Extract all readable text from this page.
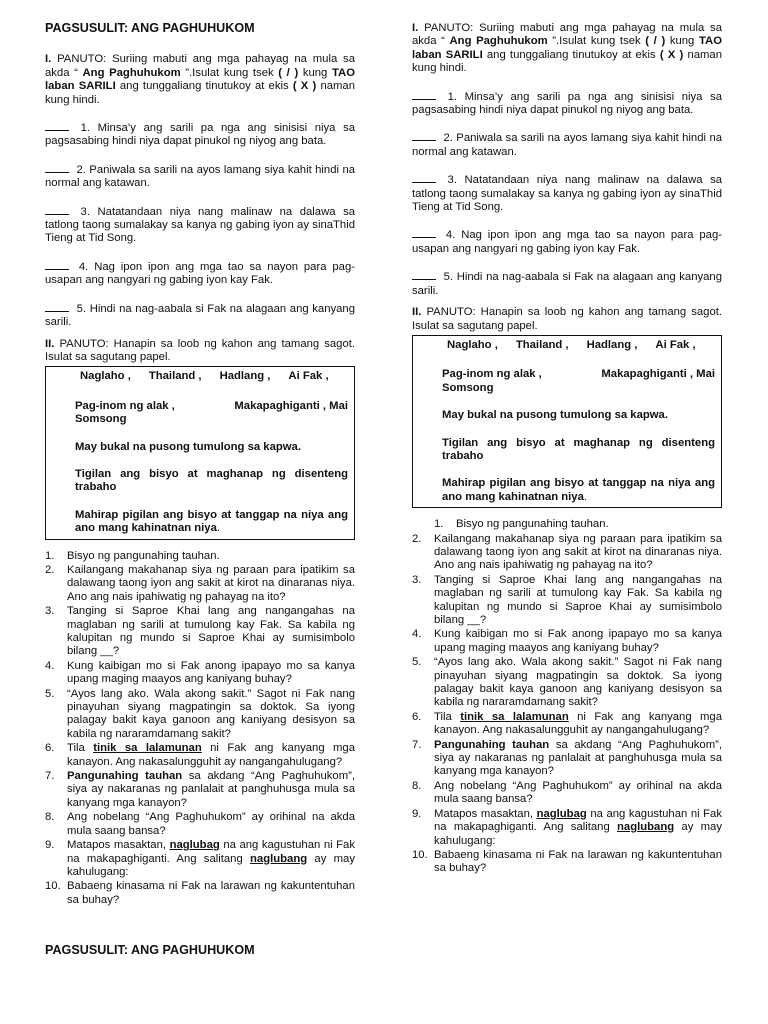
PAGSUSULIT: ANG PAGHUHUKOM

I. PANUTO: Suriing mabuti ang mga pahayag na mula sa akda “ Ang Paghuhukom ”.Isulat kung tsek ( / ) kung TAO laban SARILI ang tunggaliang tinutukoy at ekis ( X ) naman kung hindi.

1. Minsa’y ang sarili pa nga ang sinisisi niya sa pagsasabing hindi niya dapat pinukol ng niyog ang bata.

2. Paniwala sa sarili na ayos lamang siya kahit hindi na normal ang katawan.

3. Natatandaan niya nang malinaw na dalawa sa tatlong taong sumalakay sa kanya ng gabing iyon ay sinaThid Tieng at Tid Song.

4. Nag ipon ipon ang mga tao sa nayon para pag-usapan ang nangyari ng gabing iyon kay Fak.

5. Hindi na nag-aabala si Fak na alagaan ang kanyang sarili.

II. PANUTO: Hanapin sa loob ng kahon ang tamang sagot. Isulat sa sagutang papel.

Naglaho , Thailand , Hadlang , Ai Fak ,
Pag-inom ng alak ,	Makapaghiganti , Mai
Somsong
May bukal na pusong tumulong sa kapwa.
Tigilan ang bisyo at maghanap ng disenteng trabaho
Mahirap pigilan ang bisyo at tanggap na niya ang ano mang kahinatnan niya.
1.	Bisyo ng pangunahing tauhan.
2.	Kailangang makahanap siya ng paraan para ipatikim sa dalawang taong iyon ang sakit at kirot na dinaranas niya. Ano ang nais ipahiwatig ng pahayag na ito?
3.	Tanging si Saproe Khai lang ang nangangahas na maglaban ng sarili at tumulong kay Fak. Sa kabila ng kalupitan ng mundo si Saproe Khai ay sumisimbolo bilang __?
4.	Kung kaibigan mo si Fak anong ipapayo mo sa kanya upang maging maayos ang kaniyang buhay?
5.	“Ayos lang ako. Wala akong sakit.” Sagot ni Fak nang pinayuhan siyang magpatingin sa doktok. Sa iyong palagay bakit kaya ganoon ang kaniyang desisyon sa kabila ng nararamdamang sakit?
6.	Tila tinik sa lalamunan ni Fak ang kanyang mga kanayon. Ang nakasalungguhit ay nangangahulugang?
7.	Pangunahing tauhan sa akdang “Ang Paghuhukom”, siya ay nakaranas ng panlalait at panghuhusga mula sa kanyang mga kanayon?
8.	Ang nobelang “Ang Paghuhukom” ay orihinal na akda mula saang bansa?
9.	Matapos masaktan, naglubag na ang kagustuhan ni Fak na makapaghiganti. Ang salitang naglubang ay may kahulugang:
10. Babaeng kinasama ni Fak na larawan ng kakuntentuhan sa buhay?
PAGSUSULIT: ANG PAGHUHUKOM

I. PANUTO: Suriing mabuti ang mga pahayag na mula sa akda “ Ang Paghuhukom ”.Isulat kung tsek ( / ) kung TAO laban SARILI ang tunggaliang tinutukoy at ekis ( X ) naman kung hindi.

1. Minsa’y ang sarili pa nga ang sinisisi niya sa pagsasabing hindi niya dapat pinukol ng niyog ang bata.

2. Paniwala sa sarili na ayos lamang siya kahit hindi na normal ang katawan.

3. Natatandaan niya nang malinaw na dalawa sa tatlong taong sumalakay sa kanya ng gabing iyon ay sinaThid Tieng at Tid Song.

4. Nag ipon ipon ang mga tao sa nayon para pag-usapan ang nangyari ng gabing iyon kay Fak.

5. Hindi na nag-aabala si Fak na alagaan ang kanyang sarili.

II. PANUTO: Hanapin sa loob ng kahon ang tamang sagot. Isulat sa sagutang papel.

Naglaho , Thailand , Hadlang , Ai Fak ,
Pag-inom ng alak ,	Makapaghiganti , Mai
Somsong
May bukal na pusong tumulong sa kapwa.
Tigilan ang bisyo at maghanap ng disenteng trabaho
Mahirap pigilan ang bisyo at tanggap na niya ang ano mang kahinatnan niya.
1.	Bisyo ng pangunahing tauhan.
2.	Kailangang makahanap siya ng paraan para ipatikim sa dalawang taong iyon ang sakit at kirot na dinaranas niya. Ano ang nais ipahiwatig ng pahayag na ito?
3.	Tanging si Saproe Khai lang ang nangangahas na maglaban ng sarili at tumulong kay Fak. Sa kabila ng kalupitan ng mundo si Saproe Khai ay sumisimbolo bilang __?
4.	Kung kaibigan mo si Fak anong ipapayo mo sa kanya upang maging maayos ang kaniyang buhay?
5.	“Ayos lang ako. Wala akong sakit.” Sagot ni Fak nang pinayuhan siyang magpatingin sa doktok. Sa iyong palagay bakit kaya ganoon ang kaniyang desisyon sa kabila ng nararamdamang sakit?
6.	Tila tinik sa lalamunan ni Fak ang kanyang mga kanayon. Ang nakasalungguhit ay nangangahulugang?
7.	Pangunahing tauhan sa akdang “Ang Paghuhukom”, siya ay nakaranas ng panlalait at panghuhusga mula sa kanyang mga kanayon?
8.	Ang nobelang “Ang Paghuhukom” ay orihinal na akda mula saang bansa?
9.	Matapos masaktan, naglubag na ang kagustuhan ni Fak na makapaghiganti. Ang salitang naglubang ay may kahulugang:
10. Babaeng kinasama ni Fak na larawan ng kakuntentuhan sa buhay?
